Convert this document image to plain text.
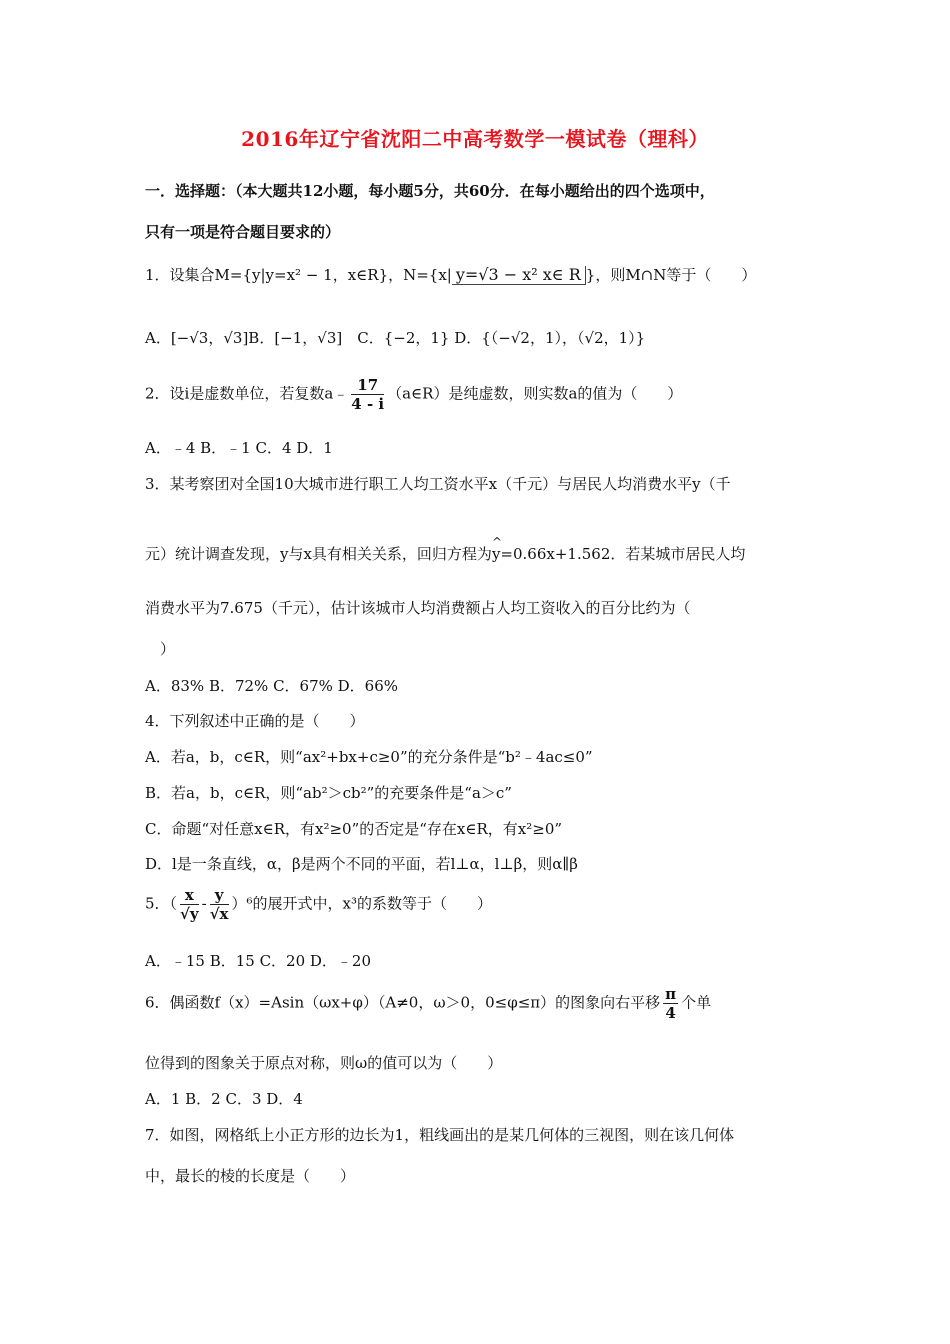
2016年辽宁省沈阳二中高考数学一模试卷（理科）
一．选择题：（本大题共12小题，每小题5分，共60分．在每小题给出的四个选项中，
只有一项是符合题目要求的）
1．设集合M={y|y=x² − 1，x∈R}，N={x| y=√3 − x² x∈ R }，则M∩N等于（　　）
A．[−√3，√3]B．[−1，√3]　C．{−2，1} D．{（−√2，1），（√2，1）}
2．设i是虚数单位，若复数a﹣ $\frac{17}{4 - i}$ （a∈R）是纯虚数，则实数a的值为（　　）
A．﹣4 B．﹣1 C．4 D．1
3．某考察团对全国10大城市进行职工人均工资水平x（千元）与居民人均消费水平y（千
元）统计调查发现，y与x具有相关关系，回归方程为
^
y=0.66x+1.562．若某城市居民人均
消费水平为7.675（千元），估计该城市人均消费额占人均工资收入的百分比约为（
　）
A．83% B．72% C．67% D．66%
4．下列叙述中正确的是（　　）
A．若a，b，c∈R，则“ax²+bx+c≥0”的充分条件是“b²﹣4ac≤0”
B．若a，b，c∈R，则“ab²＞cb²”的充要条件是“a＞c”
C．命题“对任意x∈R，有x²≥0”的否定是“存在x∈R，有x²≥0”
D．l是一条直线，α，β是两个不同的平面，若l⊥α，l⊥β，则α∥β
5．（ $\frac{x}{√y} - \frac{y}{√x} )^6$的展开式中，x³的系数等于（　　）
A．﹣15 B．15 C．20 D．﹣20
6．偶函数f（x）=Asin（ωx+φ）（A≠0，ω＞0，0≤φ≤π）的图象向右平移 $\frac{\pi}{4}$ 个单
位得到的图象关于原点对称，则ω的值可以为（　　）
A．1 B．2 C．3 D．4
7．如图，网格纸上小正方形的边长为1，粗线画出的是某几何体的三视图，则在该几何体
中，最长的棱的长度是（　　）
